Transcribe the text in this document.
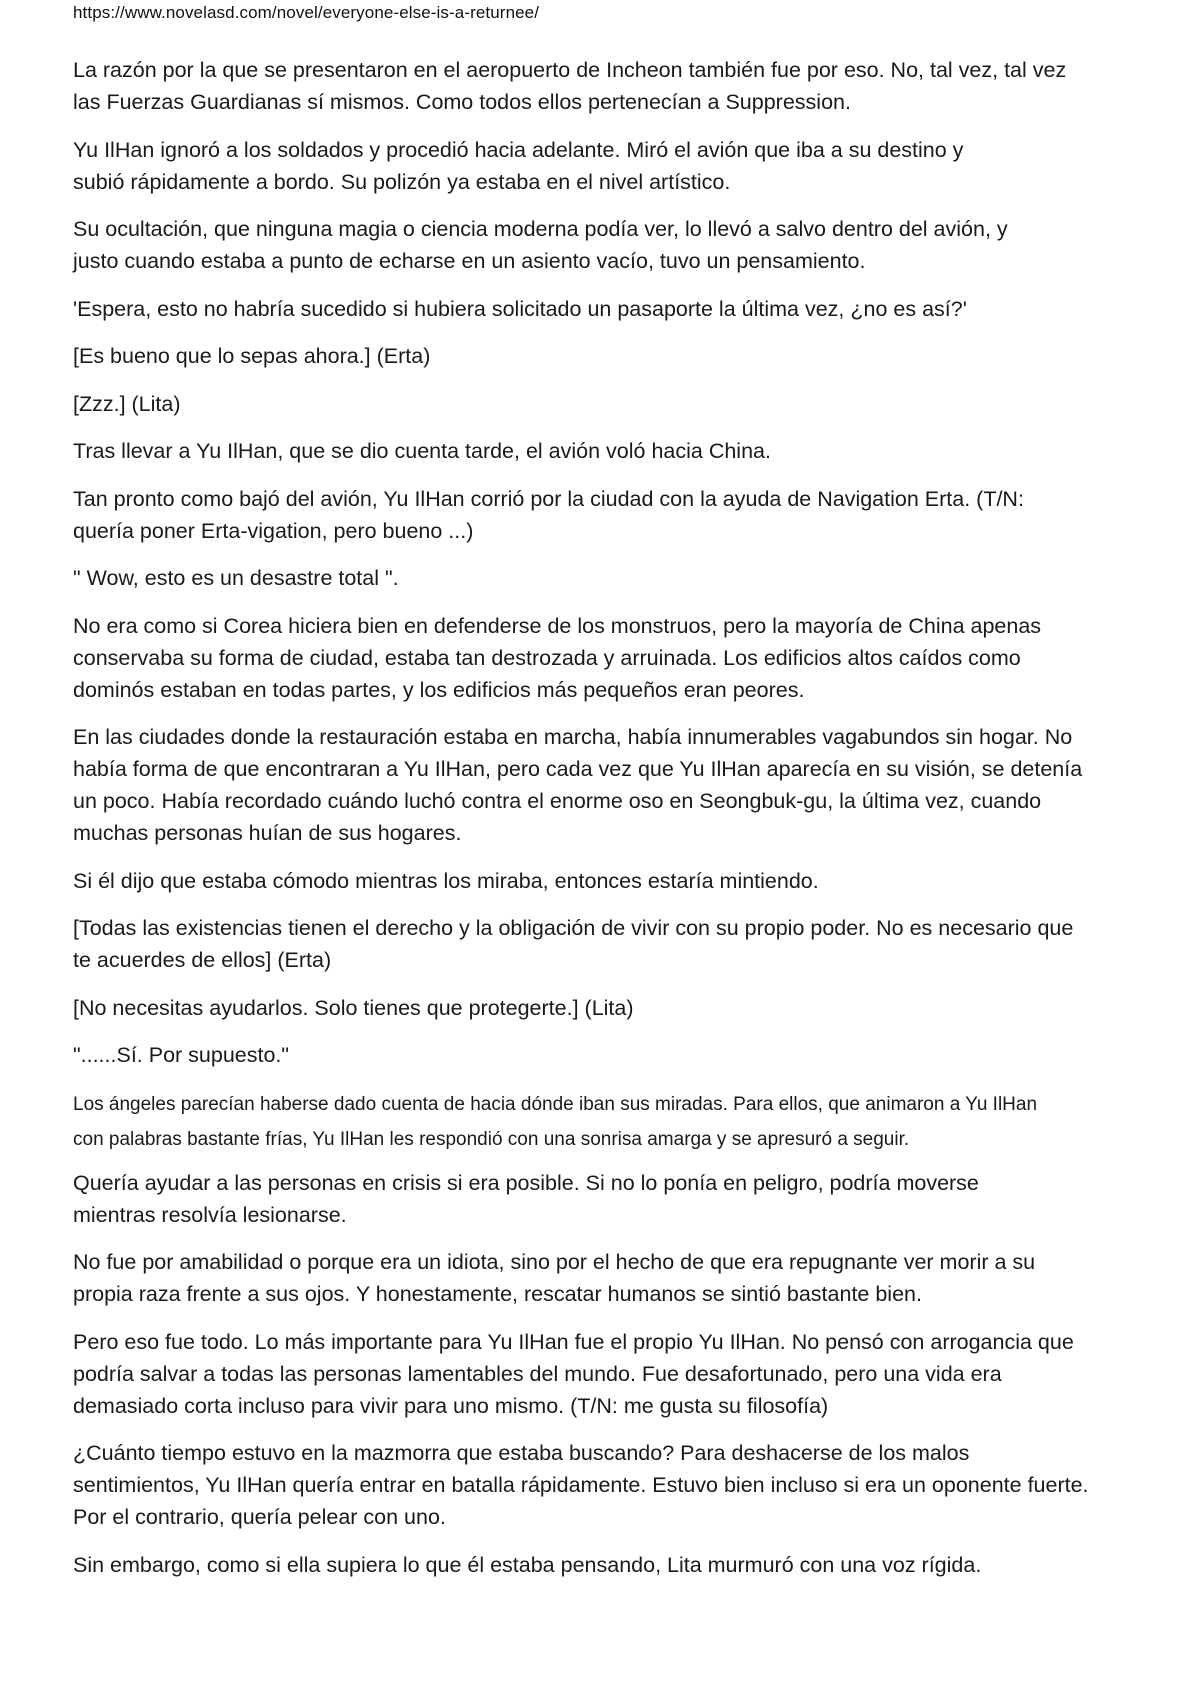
https://www.novelasd.com/novel/everyone-else-is-a-returnee/

La razón por la que se presentaron en el aeropuerto de Incheon también fue por eso. No, tal vez, tal vez
las Fuerzas Guardianas sí mismos. Como todos ellos pertenecían a Suppression.

Yu IlHan ignoró a los soldados y procedió hacia adelante. Miró el avión que iba a su destino y
subió rápidamente a bordo. Su polizón ya estaba en el nivel artístico.

Su ocultación, que ninguna magia o ciencia moderna podía ver, lo llevó a salvo dentro del avión, y
justo cuando estaba a punto de echarse en un asiento vacío, tuvo un pensamiento.

'Espera, esto no habría sucedido si hubiera solicitado un pasaporte la última vez, ¿no es así?'

[Es bueno que lo sepas ahora.] (Erta)

[Zzz.] (Lita)

Tras llevar a Yu IlHan, que se dio cuenta tarde, el avión voló hacia China.

Tan pronto como bajó del avión, Yu IlHan corrió por la ciudad con la ayuda de Navigation Erta. (T/N:
quería poner Erta-vigation, pero bueno ...)

" Wow, esto es un desastre total ".

No era como si Corea hiciera bien en defenderse de los monstruos, pero la mayoría de China apenas
conservaba su forma de ciudad, estaba tan destrozada y arruinada. Los edificios altos caídos como
dominós estaban en todas partes, y los edificios más pequeños eran peores.

En las ciudades donde la restauración estaba en marcha, había innumerables vagabundos sin hogar. No
había forma de que encontraran a Yu IlHan, pero cada vez que Yu IlHan aparecía en su visión, se detenía
un poco. Había recordado cuándo luchó contra el enorme oso en Seongbuk-gu, la última vez, cuando
muchas personas huían de sus hogares.

Si él dijo que estaba cómodo mientras los miraba, entonces estaría mintiendo.

[Todas las existencias tienen el derecho y la obligación de vivir con su propio poder. No es necesario que
te acuerdes de ellos] (Erta)

[No necesitas ayudarlos. Solo tienes que protegerte.] (Lita)

"......Sí. Por supuesto."

Los ángeles parecían haberse dado cuenta de hacia dónde iban sus miradas. Para ellos, que animaron a Yu IlHan
con palabras bastante frías, Yu IlHan les respondió con una sonrisa amarga y se apresuró a seguir.

Quería ayudar a las personas en crisis si era posible. Si no lo ponía en peligro, podría moverse
mientras resolvía lesionarse.

No fue por amabilidad o porque era un idiota, sino por el hecho de que era repugnante ver morir a su
propia raza frente a sus ojos. Y honestamente, rescatar humanos se sintió bastante bien.

Pero eso fue todo. Lo más importante para Yu IlHan fue el propio Yu IlHan. No pensó con arrogancia que
podría salvar a todas las personas lamentables del mundo. Fue desafortunado, pero una vida era
demasiado corta incluso para vivir para uno mismo. (T/N: me gusta su filosofía)

¿Cuánto tiempo estuvo en la mazmorra que estaba buscando? Para deshacerse de los malos
sentimientos, Yu IlHan quería entrar en batalla rápidamente. Estuvo bien incluso si era un oponente fuerte.
Por el contrario, quería pelear con uno.

Sin embargo, como si ella supiera lo que él estaba pensando, Lita murmuró con una voz rígida.
